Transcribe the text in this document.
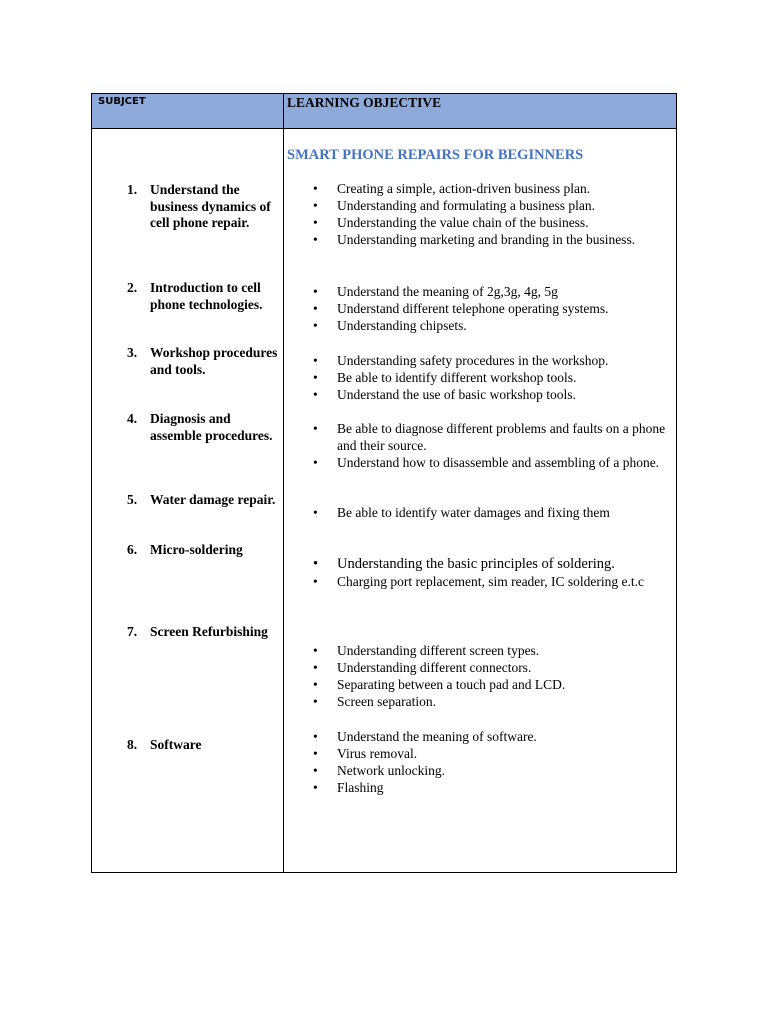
SUBJCET	LEARNING OBJECTIVE
SMART PHONE REPAIRS FOR BEGINNERS
1. Understand the business dynamics of cell phone repair.
• Creating a simple, action-driven business plan.
• Understanding and formulating a business plan.
• Understanding the value chain of the business.
• Understanding marketing and branding in the business.
2. Introduction to cell phone technologies.
• Understand the meaning of 2g,3g, 4g, 5g
• Understand different telephone operating systems.
• Understanding chipsets.
3. Workshop procedures and tools.
• Understanding safety procedures in the workshop.
• Be able to identify different workshop tools.
• Understand the use of basic workshop tools.
4. Diagnosis and assemble procedures.
•	Be able to diagnose different problems and faults on a phone and their source.
• Understand how to disassemble and assembling of a phone.
5. Water damage repair.
• Be able to identify water damages and fixing them
6. Micro-soldering
• Understanding the basic principles of soldering.
• Charging port replacement, sim reader, IC soldering e.t.c
7. Screen Refurbishing
• Understanding different screen types.
• Understanding different connectors.
• Separating between a touch pad and LCD.
• Screen separation.
8. Software
• Understand the meaning of software.
• Virus removal.
• Network unlocking.
• Flashing
